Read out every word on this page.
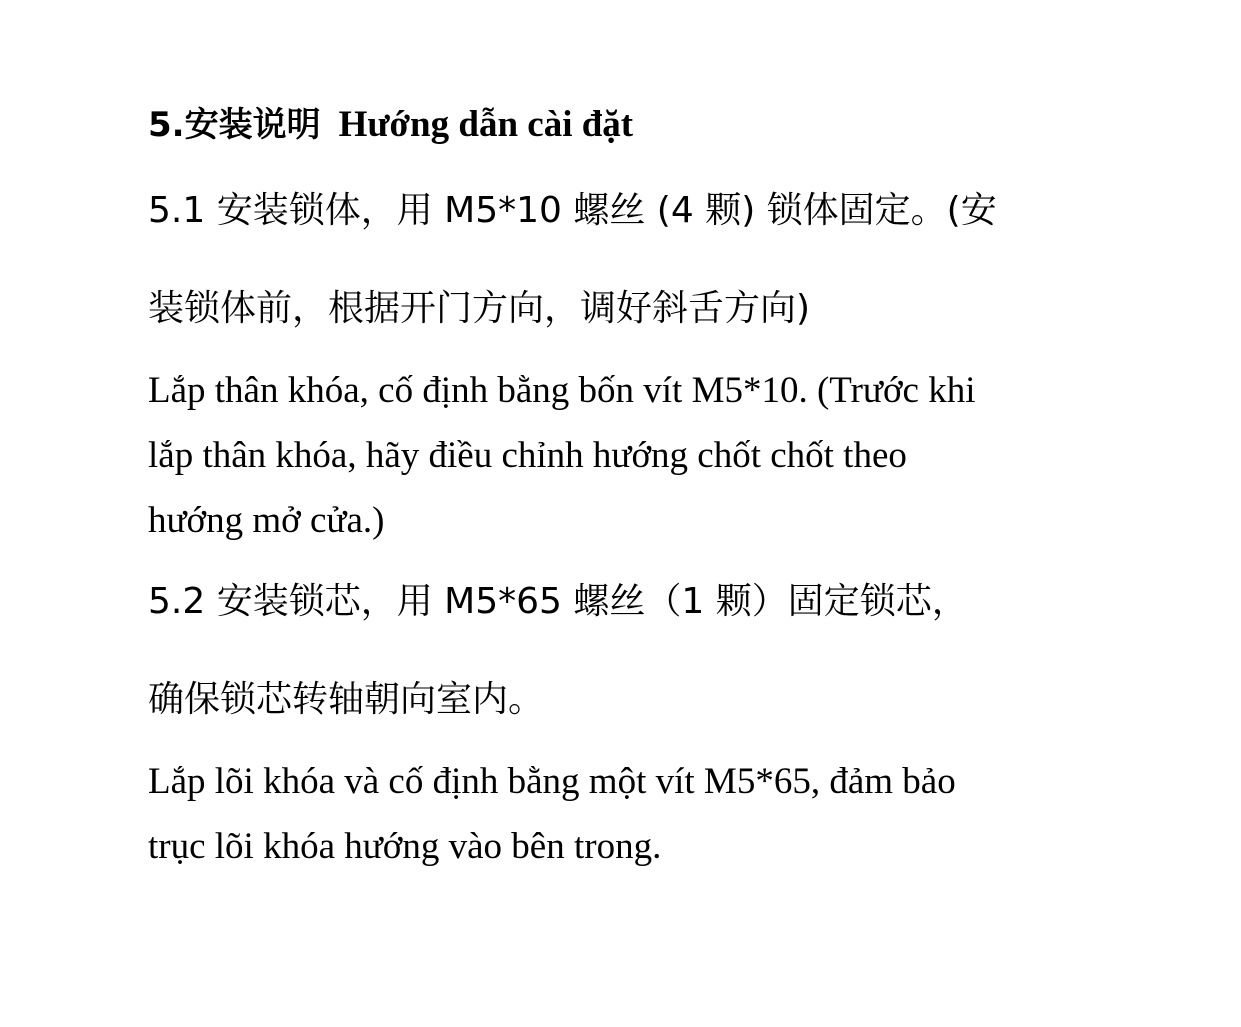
5.安装说明 Hướng dẫn cài đặt

5.1 安装锁体，用 M5*10 螺丝 (4 颗) 锁体固定。(安

装锁体前，根据开门方向，调好斜舌方向)

Lắp thân khóa, cố định bằng bốn vít M5*10. (Trước khi
lắp thân khóa, hãy điều chỉnh hướng chốt chốt theo
hướng mở cửa.)

5.2 安装锁芯，用 M5*65 螺丝（1 颗）固定锁芯，

确保锁芯转轴朝向室内。

Lắp lõi khóa và cố định bằng một vít M5*65, đảm bảo
trục lõi khóa hướng vào bên trong.
